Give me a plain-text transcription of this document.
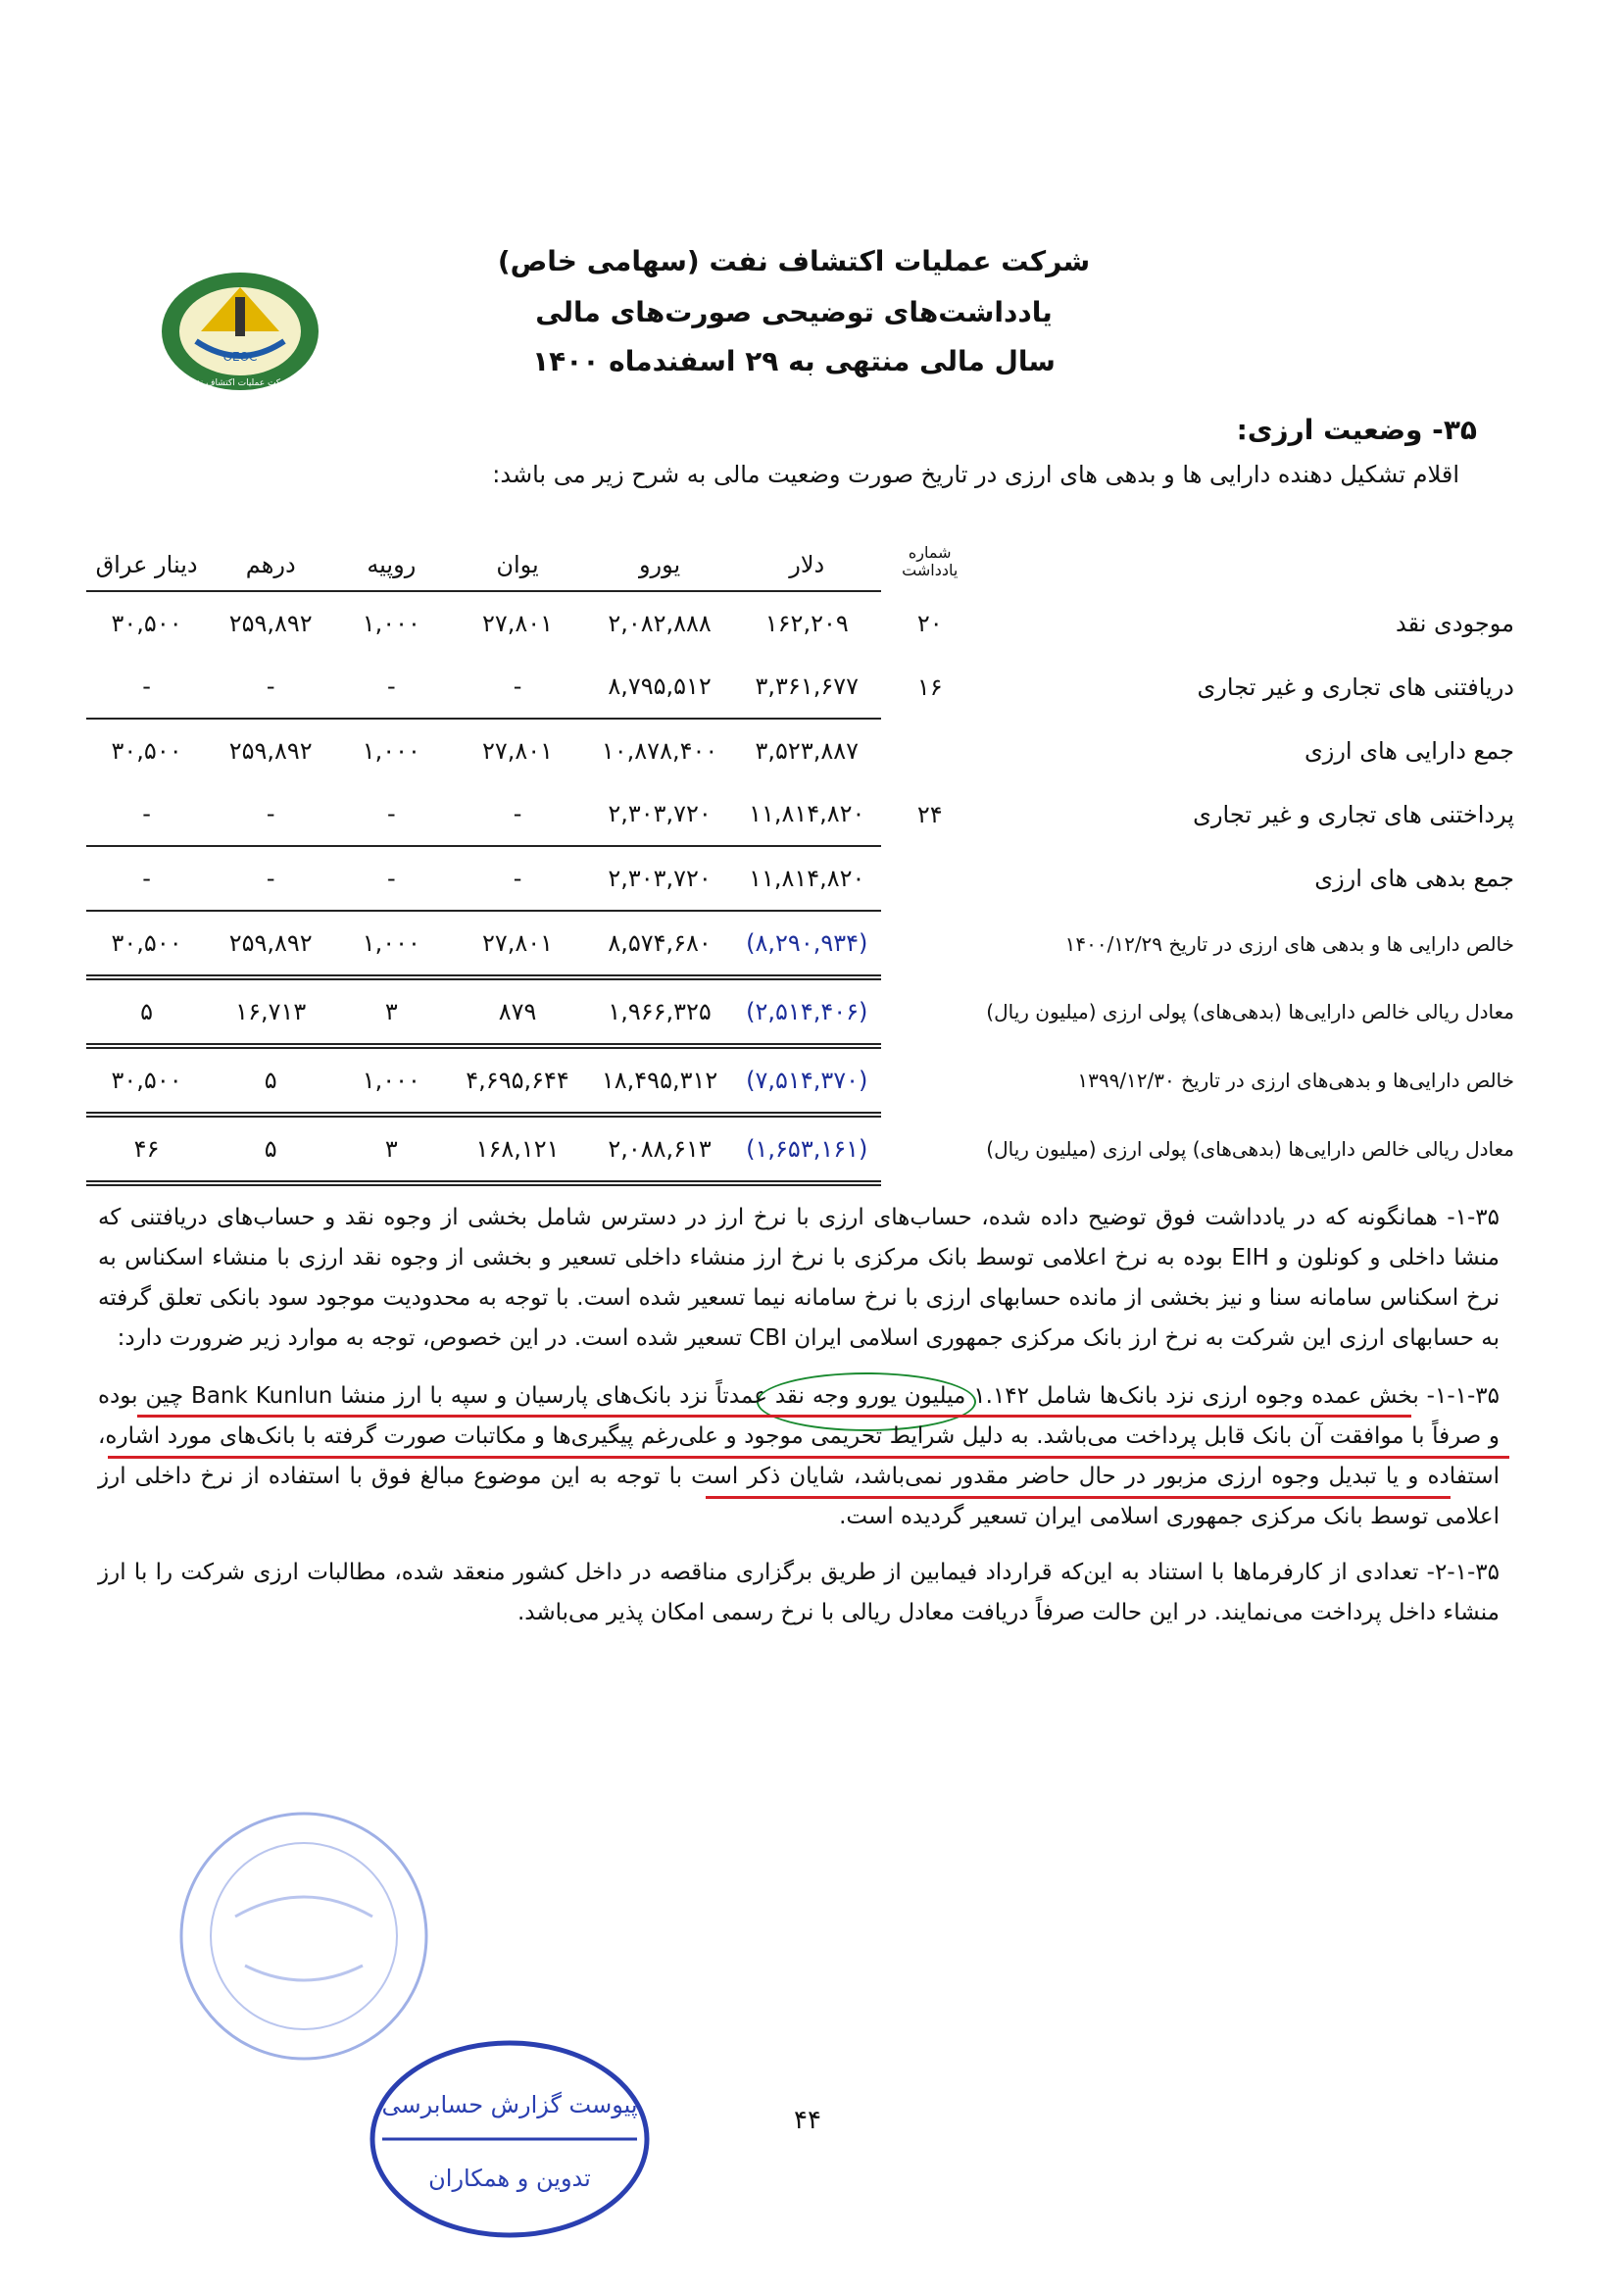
OEOC
شرکت عملیات اکتشاف نفت
شرکت عملیات اکتشاف نفت (سهامی خاص)
یادداشت‌های توضیحی صورت‌های مالی
سال مالی منتهی به ۲۹ اسفندماه ۱۴۰۰
۳۵- وضعیت ارزی:
اقلام تشکیل دهنده دارایی ها و بدهی های ارزی در تاریخ صورت وضعیت مالی به شرح زیر می باشد:
	شماره یادداشت	دلار	یورو	یوان	روپیه	درهم	دینار عراق
موجودی نقد	۲۰	۱۶۲,۲۰۹	۲,۰۸۲,۸۸۸	۲۷,۸۰۱	۱,۰۰۰	۲۵۹,۸۹۲	۳۰,۵۰۰
دریافتنی های تجاری و غیر تجاری	۱۶	۳,۳۶۱,۶۷۷	۸,۷۹۵,۵۱۲	-	-	-	-
جمع دارایی های ارزی		۳,۵۲۳,۸۸۷	۱۰,۸۷۸,۴۰۰	۲۷,۸۰۱	۱,۰۰۰	۲۵۹,۸۹۲	۳۰,۵۰۰
پرداختنی های تجاری و غیر تجاری	۲۴	۱۱,۸۱۴,۸۲۰	۲,۳۰۳,۷۲۰	-	-	-	-
جمع بدهی های ارزی		۱۱,۸۱۴,۸۲۰	۲,۳۰۳,۷۲۰	-	-	-	-
خالص دارایی ها و بدهی های ارزی در تاریخ ۱۴۰۰/۱۲/۲۹		(۸,۲۹۰,۹۳۴)	۸,۵۷۴,۶۸۰	۲۷,۸۰۱	۱,۰۰۰	۲۵۹,۸۹۲	۳۰,۵۰۰
معادل ریالی خالص دارایی‌ها (بدهی‌های) پولی ارزی (میلیون ریال)		(۲,۵۱۴,۴۰۶)	۱,۹۶۶,۳۲۵	۸۷۹	۳	۱۶,۷۱۳	۵
خالص دارایی‌ها و بدهی‌های ارزی در تاریخ ۱۳۹۹/۱۲/۳۰		(۷,۵۱۴,۳۷۰)	۱۸,۴۹۵,۳۱۲	۴,۶۹۵,۶۴۴	۱,۰۰۰	۵	۳۰,۵۰۰
معادل ریالی خالص دارایی‌ها (بدهی‌های) پولی ارزی (میلیون ریال)		(۱,۶۵۳,۱۶۱)	۲,۰۸۸,۶۱۳	۱۶۸,۱۲۱	۳	۵	۴۶
۱-۳۵- همانگونه که در یادداشت فوق توضیح داده شده، حساب‌های ارزی با نرخ ارز در دسترس شامل بخشی از وجوه نقد و حساب‌های دریافتنی که منشا داخلی و کونلون و EIH بوده به نرخ اعلامی توسط بانک مرکزی با نرخ ارز منشاء داخلی تسعیر و بخشی از وجوه نقد ارزی با منشاء اسکناس به نرخ اسکناس سامانه سنا و نیز بخشی از مانده حسابهای ارزی با نرخ سامانه نیما تسعیر شده است. با توجه به محدودیت موجود سود بانکی تعلق گرفته به حسابهای ارزی این شرکت به نرخ ارز بانک مرکزی جمهوری اسلامی ایران CBI تسعیر شده است. در این خصوص، توجه به موارد زیر ضرورت دارد:
۱-۱-۳۵- بخش عمده وجوه ارزی نزد بانک‌ها شامل ۱.۱۴۲ میلیون یورو وجه نقد عمدتاً نزد بانک‌های پارسیان و سپه با ارز منشا Bank Kunlun چین بوده و صرفاً با موافقت آن بانک قابل پرداخت می‌باشد. به دلیل شرایط تحریمی موجود و علی‌رغم پیگیری‌ها و مکاتبات صورت گرفته با بانک‌های مورد اشاره، استفاده و یا تبدیل وجوه ارزی مزبور در حال حاضر مقدور نمی‌باشد، شایان ذکر است با توجه به این موضوع مبالغ فوق با استفاده از نرخ داخلی ارز اعلامی توسط بانک مرکزی جمهوری اسلامی ایران تسعیر گردیده است.
۲-۱-۳۵- تعدادی از کارفرماها با استناد به این‌که قرارداد فیمابین از طریق برگزاری مناقصه در داخل کشور منعقد شده، مطالبات ارزی شرکت را با ارز منشاء داخل پرداخت می‌نمایند. در این حالت صرفاً دریافت معادل ریالی با نرخ رسمی امکان پذیر می‌باشد.
پیوست گزارش حسابرسی
تدوین و همکاران
۴۴
